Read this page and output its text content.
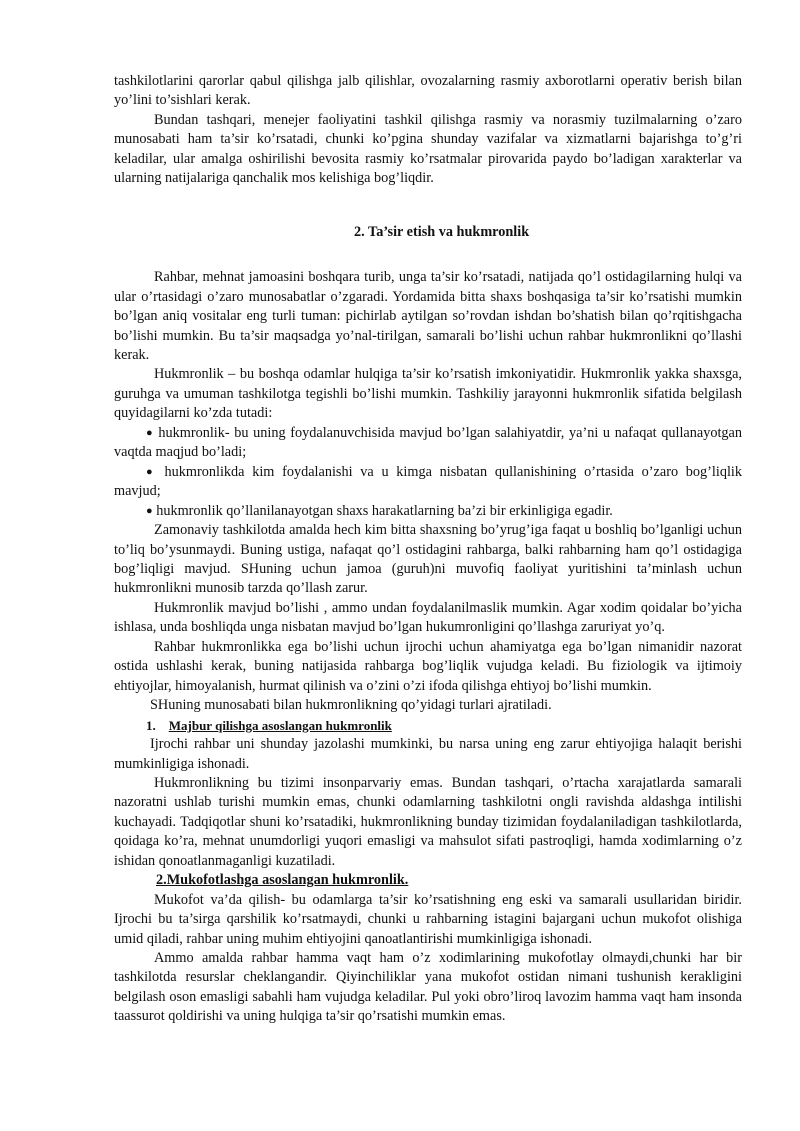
tashkilotlarini qarorlar qabul qilishga jalb qilishlar, ovozalarning rasmiy axborotlarni operativ berish bilan yo’lini to’sishlari kerak.

Bundan tashqari, menejer faoliyatini tashkil qilishga rasmiy va norasmiy tuzilmalarning o’zaro munosabati ham ta’sir ko’rsatadi, chunki ko’pgina shunday vazifalar va xizmatlarni bajarishga to’g’ri keladilar, ular amalga oshirilishi bevosita rasmiy ko’rsatmalar pirovarida paydo bo’ladigan xarakterlar va ularning natijalariga qanchalik mos kelishiga bog’liqdir.

2. Ta’sir etish va hukmronlik

Rahbar, mehnat jamoasini boshqara turib, unga ta’sir ko’rsatadi, natijada qo’l ostidagilarning hulqi va ular o’rtasidagi o’zaro munosabatlar o’zgaradi. Yordamida bitta shaxs boshqasiga ta’sir ko’rsatishi mumkin bo’lgan aniq vositalar eng turli tuman: pichirlab aytilgan so’rovdan ishdan bo’shatish bilan qo’rqitishgacha bo’lishi mumkin. Bu ta’sir maqsadga yo’nal-tirilgan, samarali bo’lishi uchun rahbar hukmronlikni qo’llashi kerak.

Hukmronlik – bu boshqa odamlar hulqiga ta’sir ko’rsatish imkoniyatidir. Hukmronlik yakka shaxsga, guruhga va umuman tashkilotga tegishli bo’lishi mumkin. Tashkiliy jarayonni hukmronlik sifatida belgilash quyidagilarni ko’zda tutadi:

● hukmronlik- bu uning foydalanuvchisida mavjud bo’lgan salahiyatdir, ya’ni u nafaqat qullanayotgan vaqtda maqjud bo’ladi;

● hukmronlikda kim foydalanishi va u kimga nisbatan qullanishining o’rtasida o’zaro bog’liqlik mavjud;

● hukmronlik qo’llanilanayotgan shaxs harakatlarning ba’zi bir erkinligiga egadir.

Zamonaviy tashkilotda amalda hech kim bitta shaxsning bo’yrug’iga faqat u boshliq bo’lganligi uchun to’liq bo’ysunmaydi. Buning ustiga, nafaqat qo’l ostidagini rahbarga, balki rahbarning ham qo’l ostidagiga bog’liqligi mavjud. SHuning uchun jamoa (guruh)ni muvofiq faoliyat yuritishini ta’minlash uchun hukmronlikni munosib tarzda qo’llash zarur.

Hukmronlik mavjud bo’lishi , ammo undan foydalanilmaslik mumkin. Agar xodim qoidalar bo’yicha ishlasa, unda boshliqda unga nisbatan mavjud bo’lgan hukumronligini qo’llashga zaruriyat yo’q.

Rahbar hukmronlikka ega bo’lishi uchun ijrochi uchun ahamiyatga ega bo’lgan nimanidir nazorat ostida ushlashi kerak, buning natijasida rahbarga bog’liqlik vujudga keladi. Bu fiziologik va ijtimoiy ehtiyojlar, himoyalanish, hurmat qilinish va o’zini o’zi ifoda qilishga ehtiyoj bo’lishi mumkin.

SHuning munosabati bilan hukmronlikning qo’yidagi turlari ajratiladi.

1. Majbur qilishga asoslangan hukmronlik

Ijrochi rahbar uni shunday jazolashi mumkinki, bu narsa uning eng zarur ehtiyojiga halaqit berishi mumkinligiga ishonadi.

Hukmronlikning bu tizimi insonparvariy emas. Bundan tashqari, o’rtacha xarajatlarda samarali nazoratni ushlab turishi mumkin emas, chunki odamlarning tashkilotni ongli ravishda aldashga intilishi kuchayadi. Tadqiqotlar shuni ko’rsatadiki, hukmronlikning bunday tizimidan foydalaniladigan tashkilotlarda, qoidaga ko’ra, mehnat unumdorligi yuqori emasligi va mahsulot sifati pastroqligi, hamda xodimlarning o’z ishidan qonoatlanmaganligi kuzatiladi.

2.Mukofotlashga asoslangan hukmronlik.

Mukofot va’da qilish- bu odamlarga ta’sir ko’rsatishning eng eski va samarali usullaridan biridir. Ijrochi bu ta’sirga qarshilik ko’rsatmaydi, chunki u rahbarning istagini bajargani uchun mukofot olishiga umid qiladi, rahbar uning muhim ehtiyojini qanoatlantirishi mumkinligiga ishonadi.

Ammo amalda rahbar hamma vaqt ham o’z xodimlarining mukofotlay olmaydi,chunki har bir tashkilotda resurslar cheklangandir. Qiyinchiliklar yana mukofot ostidan nimani tushunish kerakligini belgilash oson emasligi sabahli ham vujudga keladilar. Pul yoki obro’liroq lavozim hamma vaqt ham insonda taassurot qoldirishi va uning hulqiga ta’sir qo’rsatishi mumkin emas.
